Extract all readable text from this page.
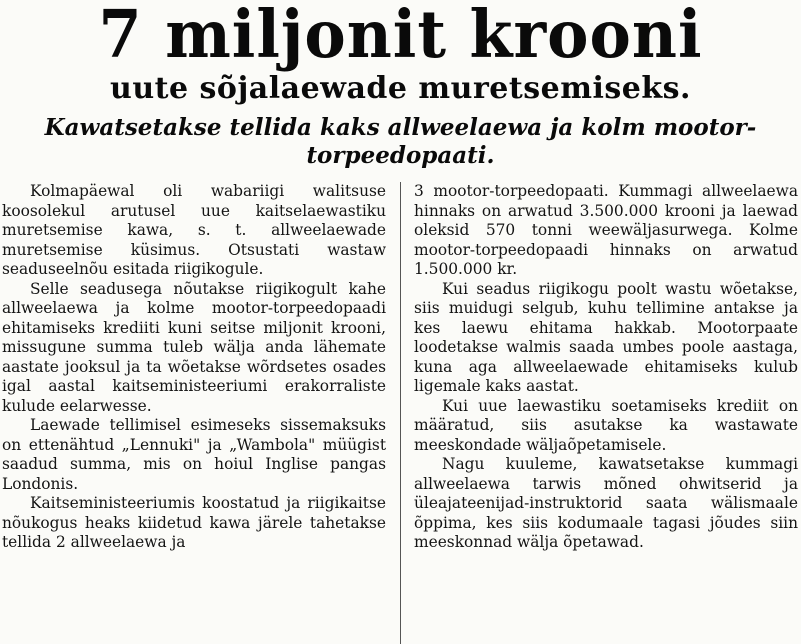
7 miljonit krooni
uute sõjalaewade muretsemiseks.
Kawatsetakse tellida kaks allweelaewa ja kolm mootor-torpeedopaati.

Kolmapäewal oli wabariigi walitsuse koosolekul arutusel uue kaitselaewastiku muretsemise kawa, s. t. allweelaewade muretsemise küsimus. Otsustati wastaw seaduseelnõu esitada riigikogule.

Selle seadusega nõutakse riigikogult kahe allweelaewa ja kolme mootor-torpeedopaadi ehitamiseks krediiti kuni seitse miljonit krooni, missugune summa tuleb wälja anda lähemate aastate jooksul ja ta wõetakse wõrdsetes osades igal aastal kaitseministeeriumi erakorraliste kulude eelarwesse.

Laewade tellimisel esimeseks sissemaksuks on ettenähtud „Lennuki" ja „Wambola" müügist saadud summa, mis on hoiul Inglise pangas Londonis.

Kaitseministeeriumis koostatud ja riigikaitse nõukogus heaks kiidetud kawa järele tahetakse tellida 2 allweelaewa ja

3 mootor-torpeedopaati. Kummagi allweelaewa hinnaks on arwatud 3.500.000 krooni ja laewad oleksid 570 tonni weewäljasurwega. Kolme mootor-torpeedopaadi hinnaks on arwatud 1.500.000 kr.

Kui seadus riigikogu poolt wastu wõetakse, siis muidugi selgub, kuhu tellimine antakse ja kes laewu ehitama hakkab. Mootorpaate loodetakse walmis saada umbes poole aastaga, kuna aga allweelaewade ehitamiseks kulub ligemale kaks aastat.

Kui uue laewastiku soetamiseks krediit on määratud, siis asutakse ka wastawate meeskondade wäljaõpetamisele.

Nagu kuuleme, kawatsetakse kummagi allweelaewa tarwis mõned ohwitserid ja üleajateenijad-instruktorid saata wälismaale õppima, kes siis kodumaale tagasi jõudes siin meeskonnad wälja õpetawad.
